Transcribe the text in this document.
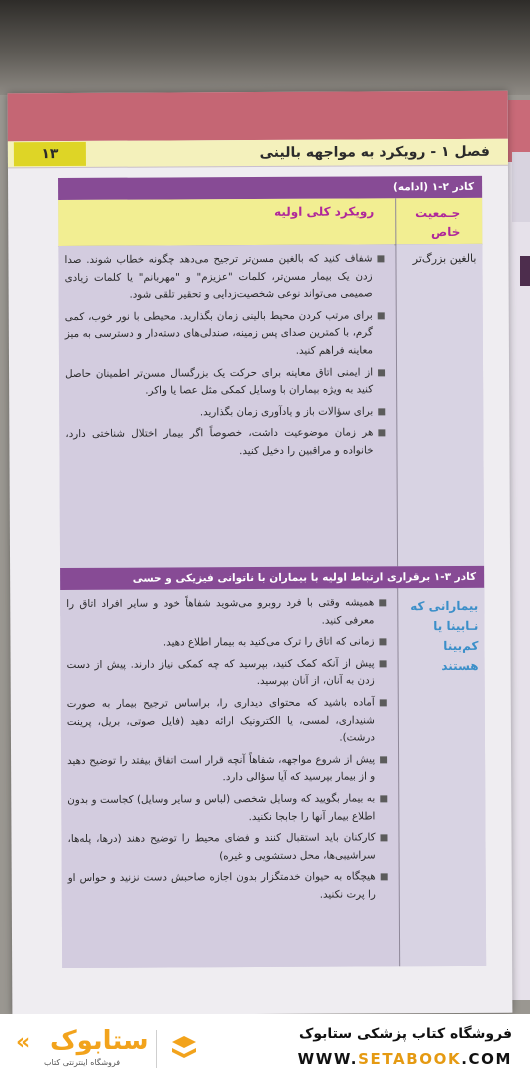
۱۳	فصل ۱ - رویکرد به مواجهه بالینی
کادر ۲-۱ (ادامه)
جـمعیت خاص
رویکرد کلی اولیه
شفاف کنید که بالغین مسن‌تر ترجیح می‌دهد چگونه خطاب شوند. صدا زدن یک بیمار مسن‌تر، کلمات "عزیزم" و "مهربانم" یا کلمات زیادی صمیمی می‌تواند نوعی شخصیت‌زدایی و تحقیر تلقی شود.
برای مرتب کردن محیط بالینی زمان بگذارید. محیطی با نور خوب، کمی گرم، با کمترین صدای پس زمینه، صندلی‌های دسته‌دار و دسترسی به میز معاینه فراهم کنید.
از ایمنی اتاق معاینه برای حرکت یک بزرگسال مسن‌تر اطمینان حاصل کنید به ویژه بیماران با وسایل کمکی مثل عصا یا واکر.
برای سؤالات باز و یادآوری زمان بگذارید.
هر زمان موضوعیت داشت، خصوصاً اگر بیمار اختلال شناختی دارد، خانواده و مراقبین را دخیل کنید.
بالغین بزرگ‌تر
کادر ۳-۱ برقراری ارتباط اولیه با بیماران با ناتوانی فیزیکی و حسی
همیشه وقتی با فرد روبرو می‌شوید شفاهاً خود و سایر افراد اتاق را معرفی کنید.
زمانی که اتاق را ترک می‌کنید به بیمار اطلاع دهید.
پیش از آنکه کمک کنید، بپرسید که چه کمکی نیاز دارند. پیش از دست زدن به آنان، از آنان بپرسید.
آماده باشید که محتوای دیداری را، براساس ترجیح بیمار به صورت شنیداری، لمسی، یا الکترونیک ارائه دهید (فایل صوتی، بریل، پرینت درشت).
پیش از شروع مواجهه، شفاهاً آنچه قرار است اتفاق بیفتد را توضیح دهید و از بیمار بپرسید که آیا سؤالی دارد.
به بیمار بگویید که وسایل شخصی (لباس و سایر وسایل) کجاست و بدون اطلاع بیمار آنها را جابجا نکنید.
کارکنان باید استقبال کنند و فضای محیط را توضیح دهند (درها، پله‌ها، سراشیبی‌ها، محل دستشویی و غیره)
هیچگاه به حیوان خدمتگزار بدون اجازه صاحبش دست نزنید و حواس او را پرت نکنید.
بیمارانی که نـابینا یا کم‌بینا هستند
« ستابوک
فروشگاه اینترنتی کتاب
فروشگاه کتاب پزشکی ستابوک
WWW.SETABOOK.COM
